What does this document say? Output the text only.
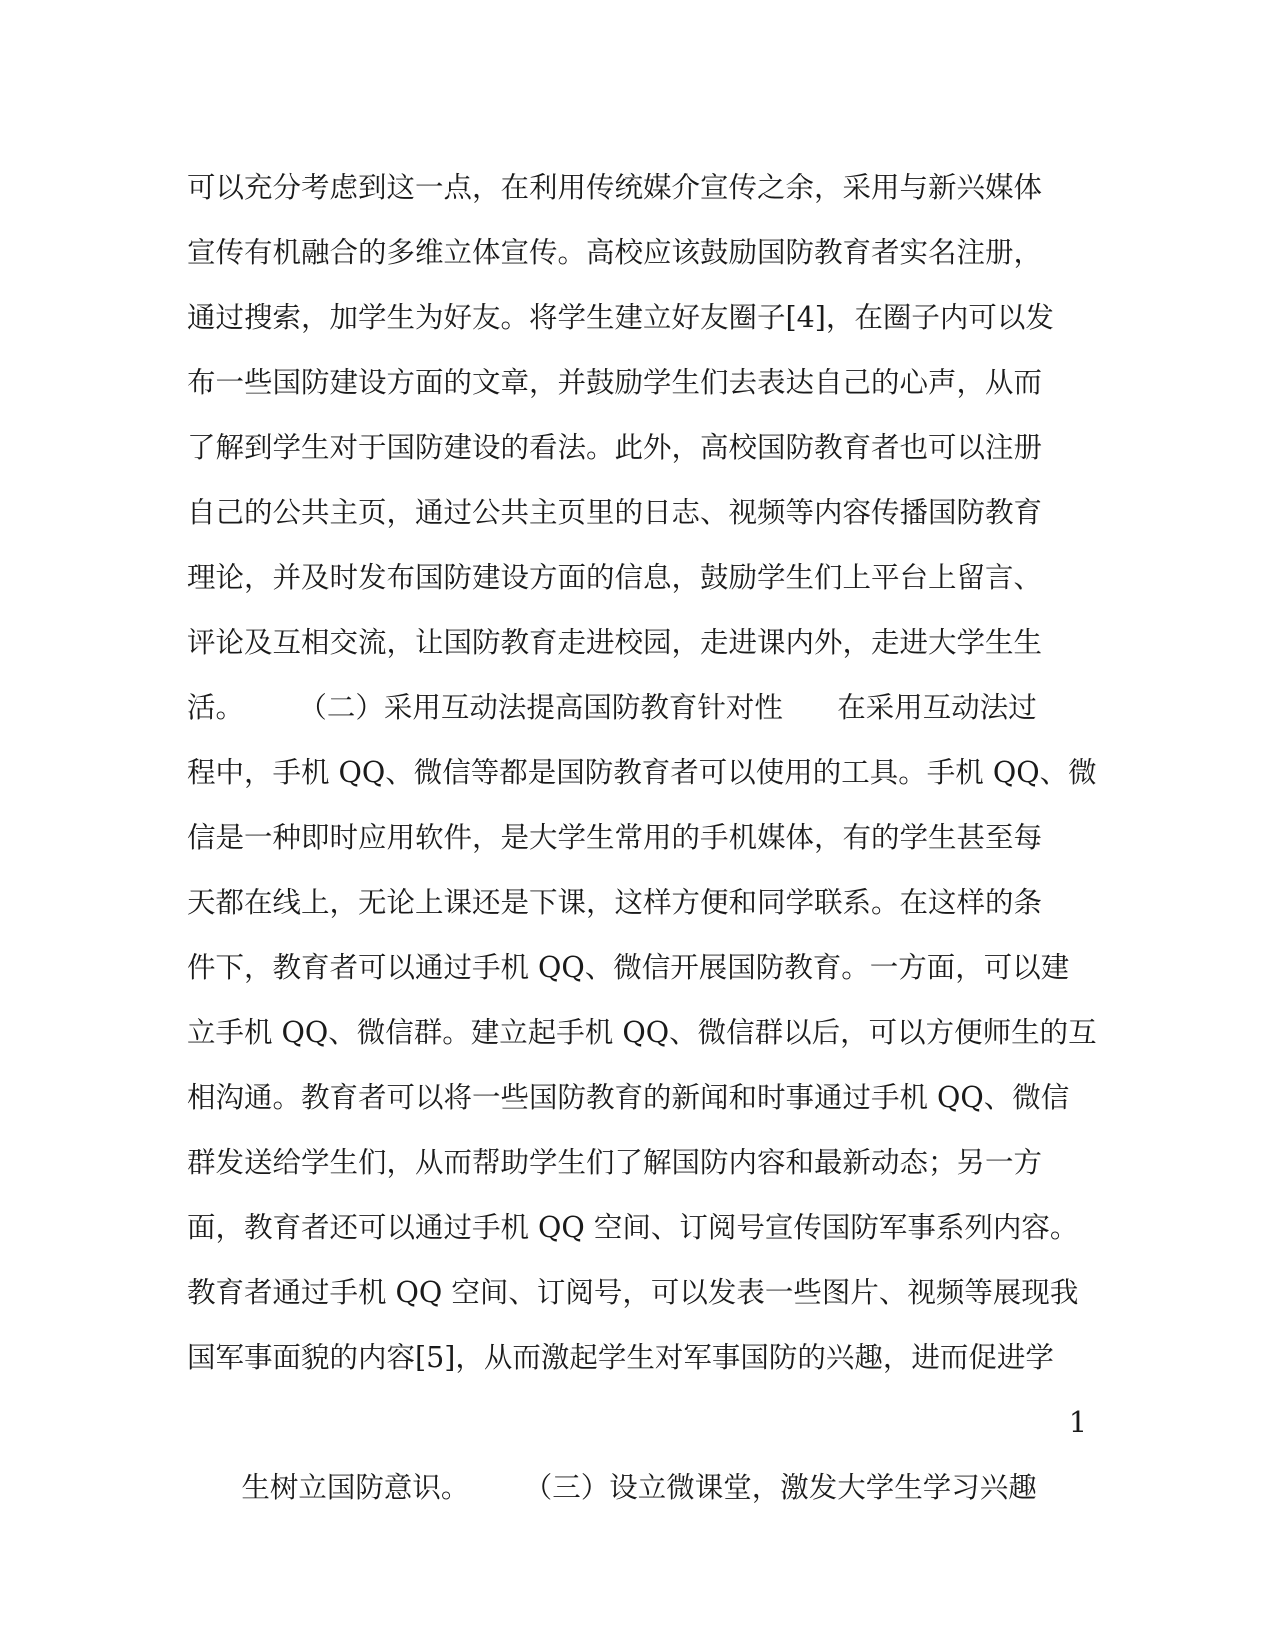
可以充分考虑到这一点，在利用传统媒介宣传之余，采用与新兴媒体
宣传有机融合的多维立体宣传。高校应该鼓励国防教育者实名注册，
通过搜索，加学生为好友。将学生建立好友圈子[4]，在圈子内可以发
布一些国防建设方面的文章，并鼓励学生们去表达自己的心声，从而
了解到学生对于国防建设的看法。此外，高校国防教育者也可以注册
自己的公共主页，通过公共主页里的日志、视频等内容传播国防教育
理论，并及时发布国防建设方面的信息，鼓励学生们上平台上留言、
评论及互相交流，让国防教育走进校园，走进课内外，走进大学生生
活。      （二）采用互动法提高国防教育针对性      在采用互动法过
程中，手机 QQ、微信等都是国防教育者可以使用的工具。手机 QQ、微
信是一种即时应用软件，是大学生常用的手机媒体，有的学生甚至每
天都在线上，无论上课还是下课，这样方便和同学联系。在这样的条
件下，教育者可以通过手机 QQ、微信开展国防教育。一方面，可以建
立手机 QQ、微信群。建立起手机 QQ、微信群以后，可以方便师生的互
相沟通。教育者可以将一些国防教育的新闻和时事通过手机 QQ、微信
群发送给学生们，从而帮助学生们了解国防内容和最新动态；另一方
面，教育者还可以通过手机 QQ 空间、订阅号宣传国防军事系列内容。
教育者通过手机 QQ 空间、订阅号，可以发表一些图片、视频等展现我
国军事面貌的内容[5]，从而激起学生对军事国防的兴趣，进而促进学

生树立国防意识。      （三）设立微课堂，激发大学生学习兴趣

1
